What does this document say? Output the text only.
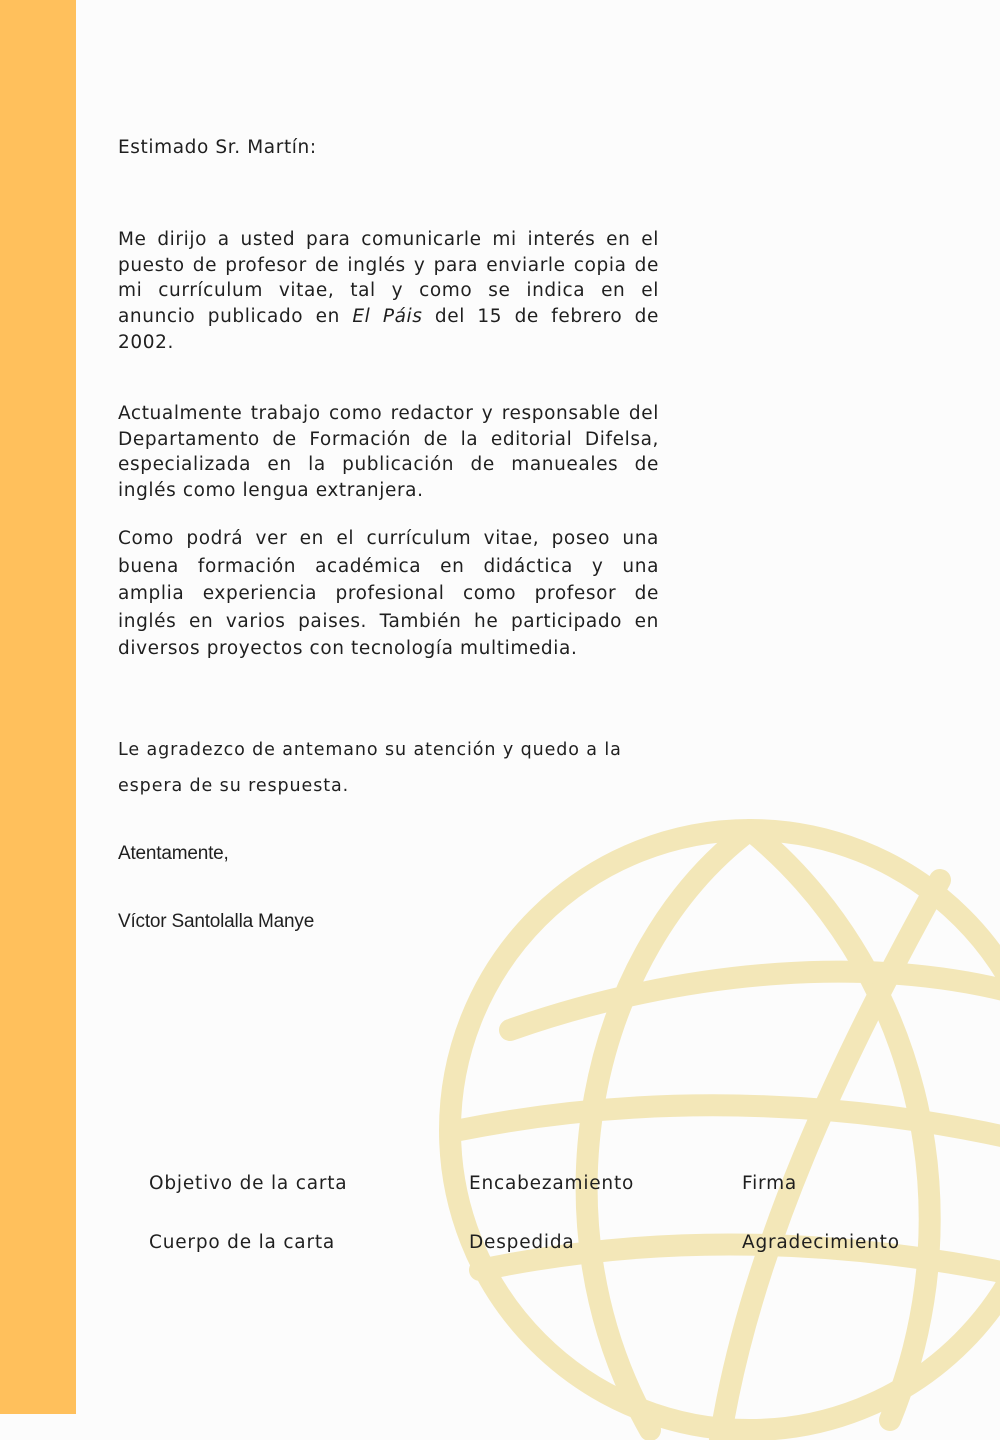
Estimado Sr. Martín:
Me dirijo a usted para comunicarle mi interés en el
puesto de profesor de inglés y para enviarle copia de
mi currículum vitae, tal y como se indica en el
anuncio publicado en El Páis del 15 de febrero de
2002.
Actualmente trabajo como redactor y responsable del
Departamento de Formación de la editorial Difelsa,
especializada en la publicación de manueales de
inglés como lengua extranjera.
Como podrá ver en el currículum vitae, poseo una
buena formación académica en didáctica y una
amplia experiencia profesional como profesor de
inglés en varios paises. También he participado en
diversos proyectos con tecnología multimedia.
Le agradezco de antemano su atención y quedo a la
espera de su respuesta.
Atentamente,
Víctor Santolalla Manye
Objetivo de la carta	Encabezamiento	Firma
Cuerpo de la carta	Despedida	Agradecimiento
